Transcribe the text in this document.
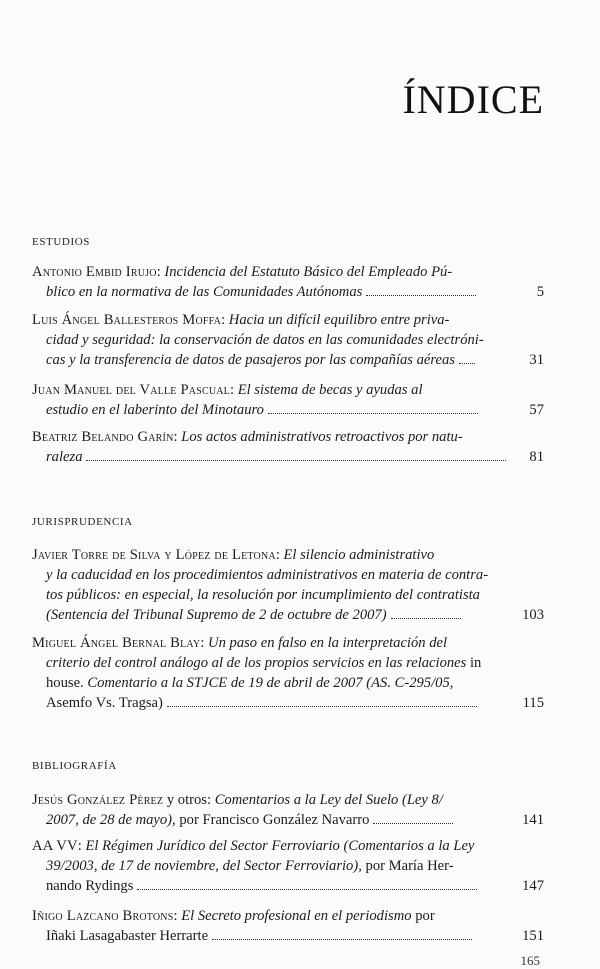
ÍNDICE
ESTUDIOS
Antonio Embid Irujo: Incidencia del Estatuto Básico del Empleado Pú-
blico en la normativa de las Comunidades Autónomas	5
Luis Ángel Ballesteros Moffa: Hacia un difícil equilibro entre priva-
cidad y seguridad: la conservación de datos en las comunidades electróni-
cas y la transferencia de datos de pasajeros por las compañías aéreas	31
Juan Manuel del Valle Pascual: El sistema de becas y ayudas al
estudio en el laberinto del Minotauro	57
Beatriz Belando Garín: Los actos administrativos retroactivos por natu-
raleza	81
JURISPRUDENCIA
Javier Torre de Silva y López de Letona: El silencio administrativo
y la caducidad en los procedimientos administrativos en materia de contra-
tos públicos: en especial, la resolución por incumplimiento del contratista
(Sentencia del Tribunal Supremo de 2 de octubre de 2007)	103
Miguel Ángel Bernal Blay: Un paso en falso en la interpretación del
criterio del control análogo al de los propios servicios en las relaciones in
house. Comentario a la STJCE de 19 de abril de 2007 (AS. C-295/05,
Asemfo Vs. Tragsa)	115
BIBLIOGRAFÍA
Jesús González Pérez y otros: Comentarios a la Ley del Suelo (Ley 8/
2007, de 28 de mayo), por Francisco González Navarro	141
AA VV: El Régimen Jurídico del Sector Ferroviario (Comentarios a la Ley
39/2003, de 17 de noviembre, del Sector Ferroviario), por María Her-
nando Rydings	147
Iñigo Lazcano Brotons: El Secreto profesional en el periodismo por
Iñaki Lasagabaster Herrarte	151
165
